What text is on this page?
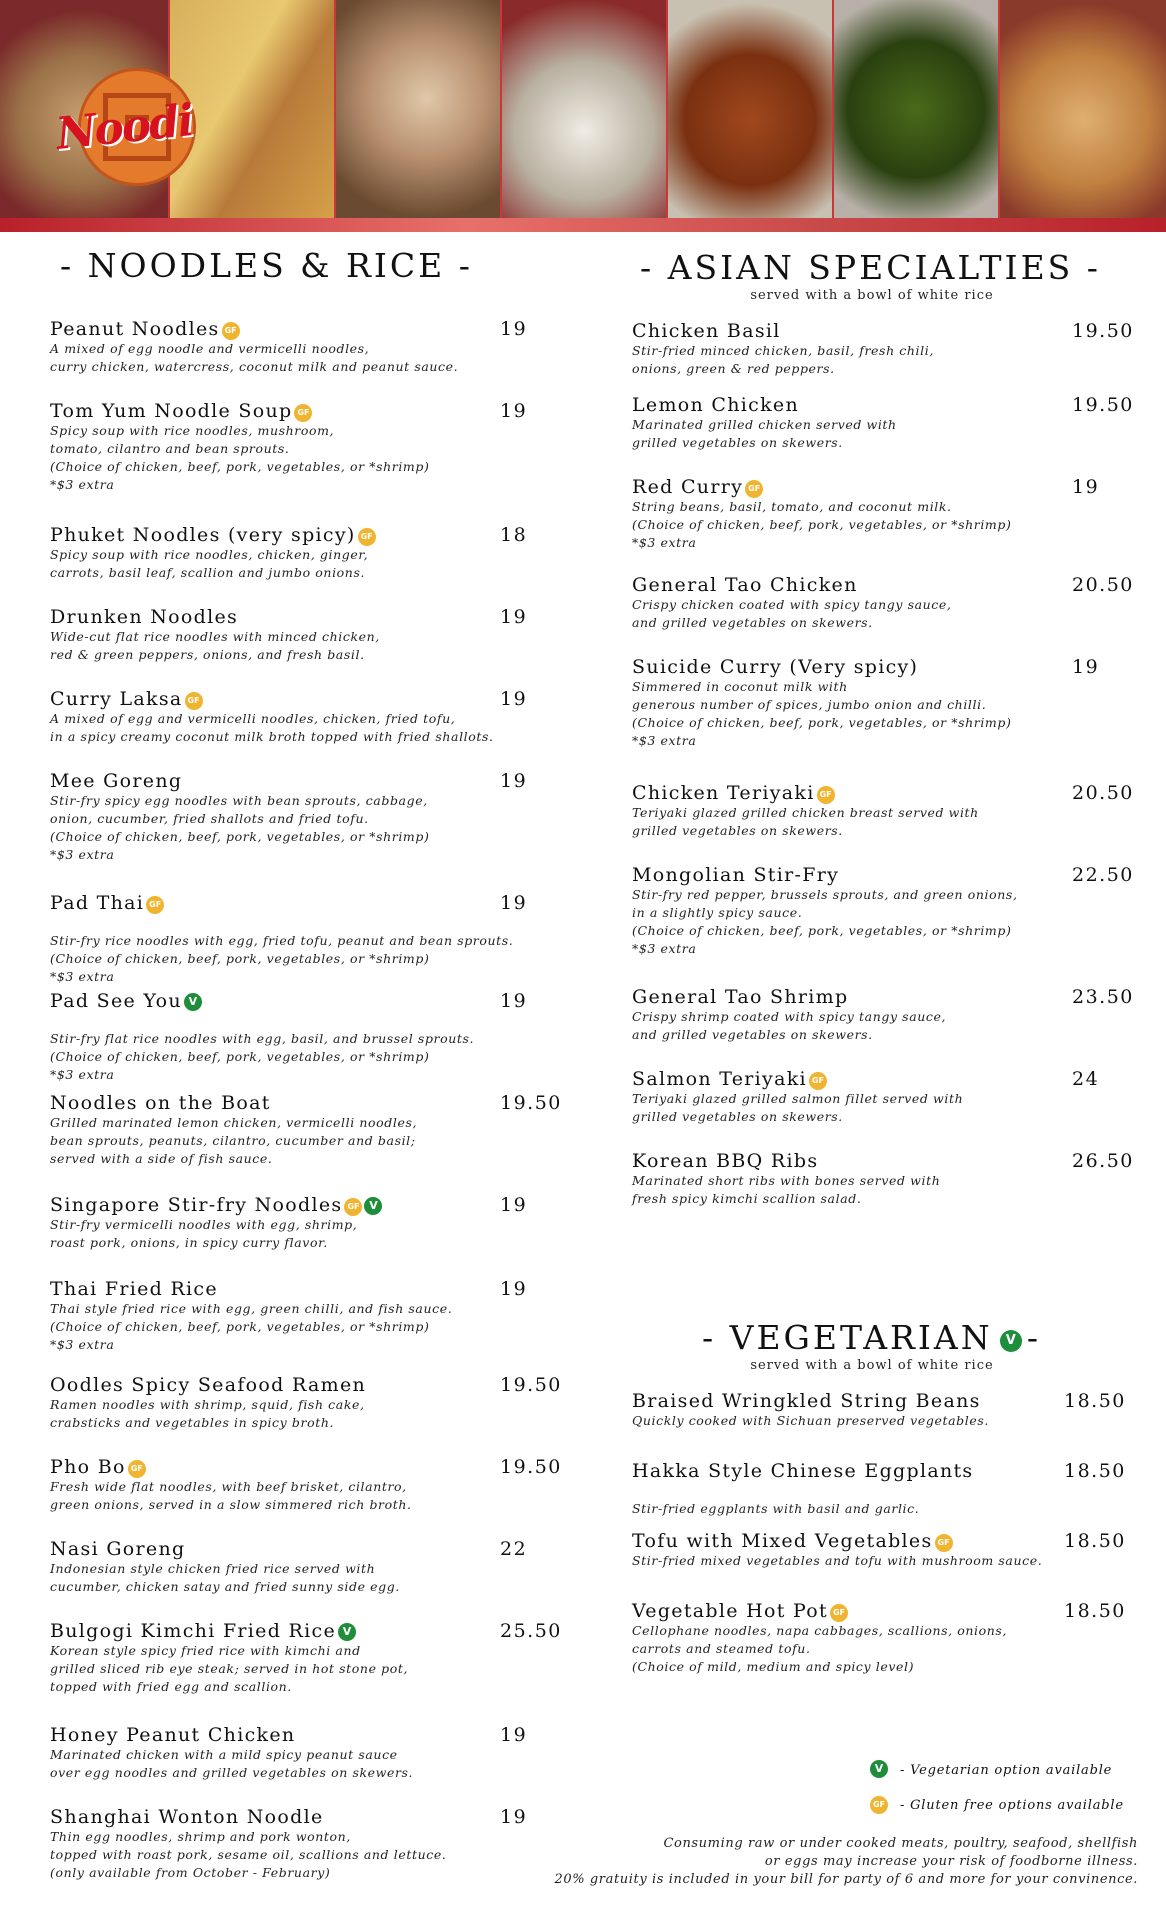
Noodi
- NOODLES & RICE -
Peanut Noodles GF	19
A mixed of egg noodle and vermicelli noodles,
curry chicken, watercress, coconut milk and peanut sauce.
Tom Yum Noodle Soup GF	19
Spicy soup with rice noodles, mushroom,
tomato, cilantro and bean sprouts.
(Choice of chicken, beef, pork, vegetables, or *shrimp)
*$3 extra
Phuket Noodles (very spicy) GF	18
Spicy soup with rice noodles, chicken, ginger,
carrots, basil leaf, scallion and jumbo onions.
Drunken Noodles	19
Wide-cut flat rice noodles with minced chicken,
red & green peppers, onions, and fresh basil.
Curry Laksa GF	19
A mixed of egg and vermicelli noodles, chicken, fried tofu,
in a spicy creamy coconut milk broth topped with fried shallots.
Mee Goreng	19
Stir-fry spicy egg noodles with bean sprouts, cabbage,
onion, cucumber, fried shallots and fried tofu.
(Choice of chicken, beef, pork, vegetables, or *shrimp)
*$3 extra
Pad Thai GF	19

Stir-fry rice noodles with egg, fried tofu, peanut and bean sprouts.
(Choice of chicken, beef, pork, vegetables, or *shrimp)
*$3 extra
Pad See You V	19

Stir-fry flat rice noodles with egg, basil, and brussel sprouts.
(Choice of chicken, beef, pork, vegetables, or *shrimp)
*$3 extra
Noodles on the Boat	19.50
Grilled marinated lemon chicken, vermicelli noodles,
bean sprouts, peanuts, cilantro, cucumber and basil;
served with a side of fish sauce.
Singapore Stir-fry Noodles GF V	19
Stir-fry vermicelli noodles with egg, shrimp,
roast pork, onions, in spicy curry flavor.
Thai Fried Rice	19
Thai style fried rice with egg, green chilli, and fish sauce.
(Choice of chicken, beef, pork, vegetables, or *shrimp)
*$3 extra
Oodles Spicy Seafood Ramen	19.50
Ramen noodles with shrimp, squid, fish cake,
crabsticks and vegetables in spicy broth.
Pho Bo GF	19.50
Fresh wide flat noodles, with beef brisket, cilantro,
green onions, served in a slow simmered rich broth.
Nasi Goreng	22
Indonesian style chicken fried rice served with
cucumber, chicken satay and fried sunny side egg.
Bulgogi Kimchi Fried Rice V	25.50
Korean style spicy fried rice with kimchi and
grilled sliced rib eye steak; served in hot stone pot,
topped with fried egg and scallion.
Honey Peanut Chicken	19
Marinated chicken with a mild spicy peanut sauce
over egg noodles and grilled vegetables on skewers.
Shanghai Wonton Noodle	19
Thin egg noodles, shrimp and pork wonton,
topped with roast pork, sesame oil, scallions and lettuce.
(only available from October - February)
- ASIAN SPECIALTIES -
served with a bowl of white rice
Chicken Basil	19.50
Stir-fried minced chicken, basil, fresh chili,
onions, green & red peppers.
Lemon Chicken	19.50
Marinated grilled chicken served with
grilled vegetables on skewers.
Red Curry GF	19
String beans, basil, tomato, and coconut milk.
(Choice of chicken, beef, pork, vegetables, or *shrimp)
*$3 extra
General Tao Chicken	20.50
Crispy chicken coated with spicy tangy sauce,
and grilled vegetables on skewers.
Suicide Curry (Very spicy)	19
Simmered in coconut milk with
generous number of spices, jumbo onion and chilli.
(Choice of chicken, beef, pork, vegetables, or *shrimp)
*$3 extra
Chicken Teriyaki GF	20.50
Teriyaki glazed grilled chicken breast served with
grilled vegetables on skewers.
Mongolian Stir-Fry	22.50
Stir-fry red pepper, brussels sprouts, and green onions,
in a slightly spicy sauce.
(Choice of chicken, beef, pork, vegetables, or *shrimp)
*$3 extra
General Tao Shrimp	23.50
Crispy shrimp coated with spicy tangy sauce,
and grilled vegetables on skewers.
Salmon Teriyaki GF	24
Teriyaki glazed grilled salmon fillet served with
grilled vegetables on skewers.
Korean BBQ Ribs	26.50
Marinated short ribs with bones served with
fresh spicy kimchi scallion salad.
- VEGETARIAN V -
served with a bowl of white rice
Braised Wringkled String Beans	18.50
Quickly cooked with Sichuan preserved vegetables.
Hakka Style Chinese Eggplants	18.50

Stir-fried eggplants with basil and garlic.
Tofu with Mixed Vegetables GF	18.50
Stir-fried mixed vegetables and tofu with mushroom sauce.
Vegetable Hot Pot GF	18.50
Cellophane noodles, napa cabbages, scallions, onions,
carrots and steamed tofu.
(Choice of mild, medium and spicy level)
V - Vegetarian option available
GF - Gluten free options available
Consuming raw or under cooked meats, poultry, seafood, shellfish
or eggs may increase your risk of foodborne illness.
20% gratuity is included in your bill for party of 6 and more for your convinence.
